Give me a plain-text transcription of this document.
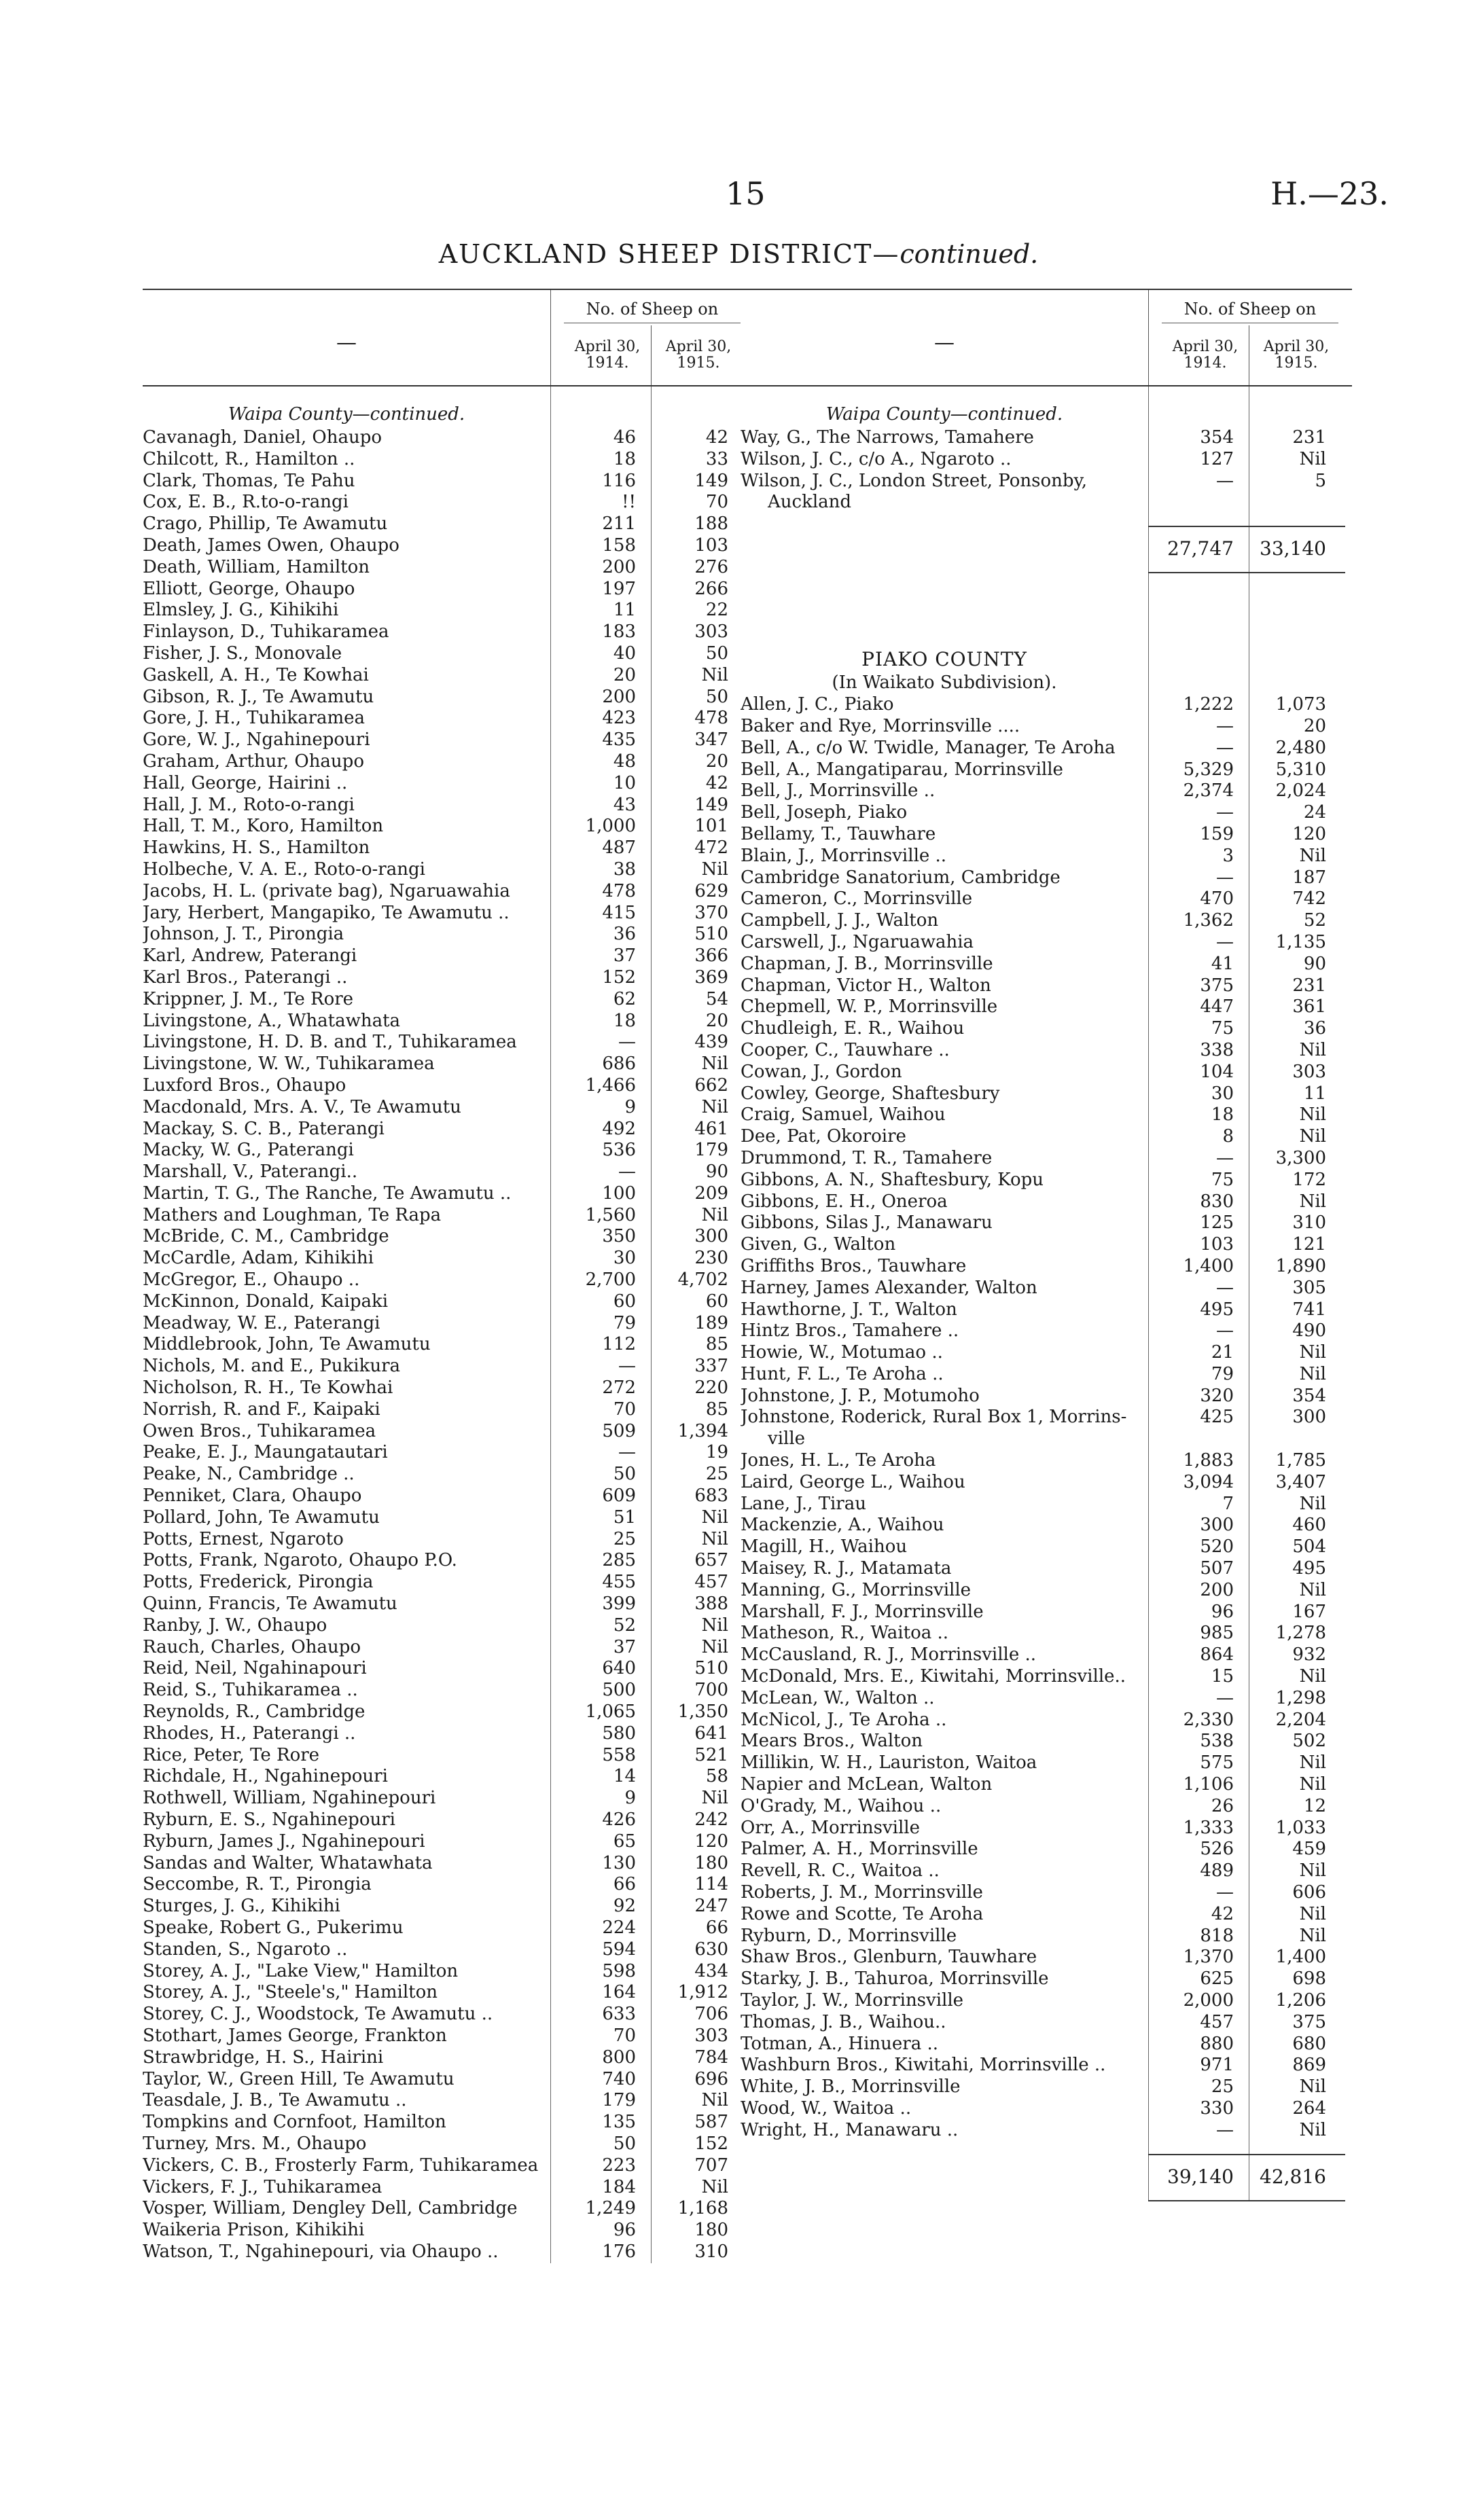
15	H.—23.
AUCKLAND SHEEP DISTRICT—continued.
—
No. of Sheep on
April 30, 1914.
April 30, 1915.
Waipa County—continued.
Cavanagh, Daniel, Ohaupo	46	42
Chilcott, R., Hamilton ..	18	33
Clark, Thomas, Te Pahu	116	149
Cox, E. B., R.to-o-rangi	!!	70
Crago, Phillip, Te Awamutu	211	188
Death, James Owen, Ohaupo	158	103
Death, William, Hamilton	200	276
Elliott, George, Ohaupo	197	266
Elmsley, J. G., Kihikihi	11	22
Finlayson, D., Tuhikaramea	183	303
Fisher, J. S., Monovale	40	50
Gaskell, A. H., Te Kowhai	20	Nil
Gibson, R. J., Te Awamutu	200	50
Gore, J. H., Tuhikaramea	423	478
Gore, W. J., Ngahinepouri	435	347
Graham, Arthur, Ohaupo	48	20
Hall, George, Hairini ..	10	42
Hall, J. M., Roto-o-rangi	43	149
Hall, T. M., Koro, Hamilton	1,000	101
Hawkins, H. S., Hamilton	487	472
Holbeche, V. A. E., Roto-o-rangi	38	Nil
Jacobs, H. L. (private bag), Ngaruawahia	478	629
Jary, Herbert, Mangapiko, Te Awamutu ..	415	370
Johnson, J. T., Pirongia	36	510
Karl, Andrew, Paterangi	37	366
Karl Bros., Paterangi ..	152	369
Krippner, J. M., Te Rore	62	54
Livingstone, A., Whatawhata	18	20
Livingstone, H. D. B. and T., Tuhikaramea	—	439
Livingstone, W. W., Tuhikaramea	686	Nil
Luxford Bros., Ohaupo	1,466	662
Macdonald, Mrs. A. V., Te Awamutu	9	Nil
Mackay, S. C. B., Paterangi	492	461
Macky, W. G., Paterangi	536	179
Marshall, V., Paterangi..	—	90
Martin, T. G., The Ranche, Te Awamutu ..	100	209
Mathers and Loughman, Te Rapa	1,560	Nil
McBride, C. M., Cambridge	350	300
McCardle, Adam, Kihikihi	30	230
McGregor, E., Ohaupo ..	2,700	4,702
McKinnon, Donald, Kaipaki	60	60
Meadway, W. E., Paterangi	79	189
Middlebrook, John, Te Awamutu	112	85
Nichols, M. and E., Pukikura	—	337
Nicholson, R. H., Te Kowhai	272	220
Norrish, R. and F., Kaipaki	70	85
Owen Bros., Tuhikaramea	509	1,394
Peake, E. J., Maungatautari	—	19
Peake, N., Cambridge ..	50	25
Penniket, Clara, Ohaupo	609	683
Pollard, John, Te Awamutu	51	Nil
Potts, Ernest, Ngaroto	25	Nil
Potts, Frank, Ngaroto, Ohaupo P.O.	285	657
Potts, Frederick, Pirongia	455	457
Quinn, Francis, Te Awamutu	399	388
Ranby, J. W., Ohaupo	52	Nil
Rauch, Charles, Ohaupo	37	Nil
Reid, Neil, Ngahinapouri	640	510
Reid, S., Tuhikaramea ..	500	700
Reynolds, R., Cambridge	1,065	1,350
Rhodes, H., Paterangi ..	580	641
Rice, Peter, Te Rore	558	521
Richdale, H., Ngahinepouri	14	58
Rothwell, William, Ngahinepouri	9	Nil
Ryburn, E. S., Ngahinepouri	426	242
Ryburn, James J., Ngahinepouri	65	120
Sandas and Walter, Whatawhata	130	180
Seccombe, R. T., Pirongia	66	114
Sturges, J. G., Kihikihi	92	247
Speake, Robert G., Pukerimu	224	66
Standen, S., Ngaroto ..	594	630
Storey, A. J., "Lake View," Hamilton	598	434
Storey, A. J., "Steele's," Hamilton	164	1,912
Storey, C. J., Woodstock, Te Awamutu ..	633	706
Stothart, James George, Frankton	70	303
Strawbridge, H. S., Hairini	800	784
Taylor, W., Green Hill, Te Awamutu	740	696
Teasdale, J. B., Te Awamutu ..	179	Nil
Tompkins and Cornfoot, Hamilton	135	587
Turney, Mrs. M., Ohaupo	50	152
Vickers, C. B., Frosterly Farm, Tuhikaramea	223	707
Vickers, F. J., Tuhikaramea	184	Nil
Vosper, William, Dengley Dell, Cambridge	1,249	1,168
Waikeria Prison, Kihikihi	96	180
Watson, T., Ngahinepouri, via Ohaupo ..	176	310
—
No. of Sheep on
April 30, 1914.
April 30, 1915.
Waipa County—continued.
Way, G., The Narrows, Tamahere	354	231
Wilson, J. C., c/o A., Ngaroto ..	127	Nil
Wilson, J. C., London Street, Ponsonby,	—	5
Auckland
27,747	33,140
PIAKO COUNTY
(In Waikato Subdivision).
Allen, J. C., Piako	1,222	1,073
Baker and Rye, Morrinsville ....	—	20
Bell, A., c/o W. Twidle, Manager, Te Aroha	—	2,480
Bell, A., Mangatiparau, Morrinsville	5,329	5,310
Bell, J., Morrinsville ..	2,374	2,024
Bell, Joseph, Piako	—	24
Bellamy, T., Tauwhare	159	120
Blain, J., Morrinsville ..	3	Nil
Cambridge Sanatorium, Cambridge	—	187
Cameron, C., Morrinsville	470	742
Campbell, J. J., Walton	1,362	52
Carswell, J., Ngaruawahia	—	1,135
Chapman, J. B., Morrinsville	41	90
Chapman, Victor H., Walton	375	231
Chepmell, W. P., Morrinsville	447	361
Chudleigh, E. R., Waihou	75	36
Cooper, C., Tauwhare ..	338	Nil
Cowan, J., Gordon	104	303
Cowley, George, Shaftesbury	30	11
Craig, Samuel, Waihou	18	Nil
Dee, Pat, Okoroire	8	Nil
Drummond, T. R., Tamahere	—	3,300
Gibbons, A. N., Shaftesbury, Kopu	75	172
Gibbons, E. H., Oneroa	830	Nil
Gibbons, Silas J., Manawaru	125	310
Given, G., Walton	103	121
Griffiths Bros., Tauwhare	1,400	1,890
Harney, James Alexander, Walton	—	305
Hawthorne, J. T., Walton	495	741
Hintz Bros., Tamahere ..	—	490
Howie, W., Motumao ..	21	Nil
Hunt, F. L., Te Aroha ..	79	Nil
Johnstone, J. P., Motumoho	320	354
Johnstone, Roderick, Rural Box 1, Morrins-	425	300
ville
Jones, H. L., Te Aroha	1,883	1,785
Laird, George L., Waihou	3,094	3,407
Lane, J., Tirau	7	Nil
Mackenzie, A., Waihou	300	460
Magill, H., Waihou	520	504
Maisey, R. J., Matamata	507	495
Manning, G., Morrinsville	200	Nil
Marshall, F. J., Morrinsville	96	167
Matheson, R., Waitoa ..	985	1,278
McCausland, R. J., Morrinsville ..	864	932
McDonald, Mrs. E., Kiwitahi, Morrinsville..	15	Nil
McLean, W., Walton ..	—	1,298
McNicol, J., Te Aroha ..	2,330	2,204
Mears Bros., Walton	538	502
Millikin, W. H., Lauriston, Waitoa	575	Nil
Napier and McLean, Walton	1,106	Nil
O'Grady, M., Waihou ..	26	12
Orr, A., Morrinsville	1,333	1,033
Palmer, A. H., Morrinsville	526	459
Revell, R. C., Waitoa ..	489	Nil
Roberts, J. M., Morrinsville	—	606
Rowe and Scotte, Te Aroha	42	Nil
Ryburn, D., Morrinsville	818	Nil
Shaw Bros., Glenburn, Tauwhare	1,370	1,400
Starky, J. B., Tahuroa, Morrinsville	625	698
Taylor, J. W., Morrinsville	2,000	1,206
Thomas, J. B., Waihou..	457	375
Totman, A., Hinuera ..	880	680
Washburn Bros., Kiwitahi, Morrinsville ..	971	869
White, J. B., Morrinsville	25	Nil
Wood, W., Waitoa ..	330	264
Wright, H., Manawaru ..	—	Nil
39,140	42,816
